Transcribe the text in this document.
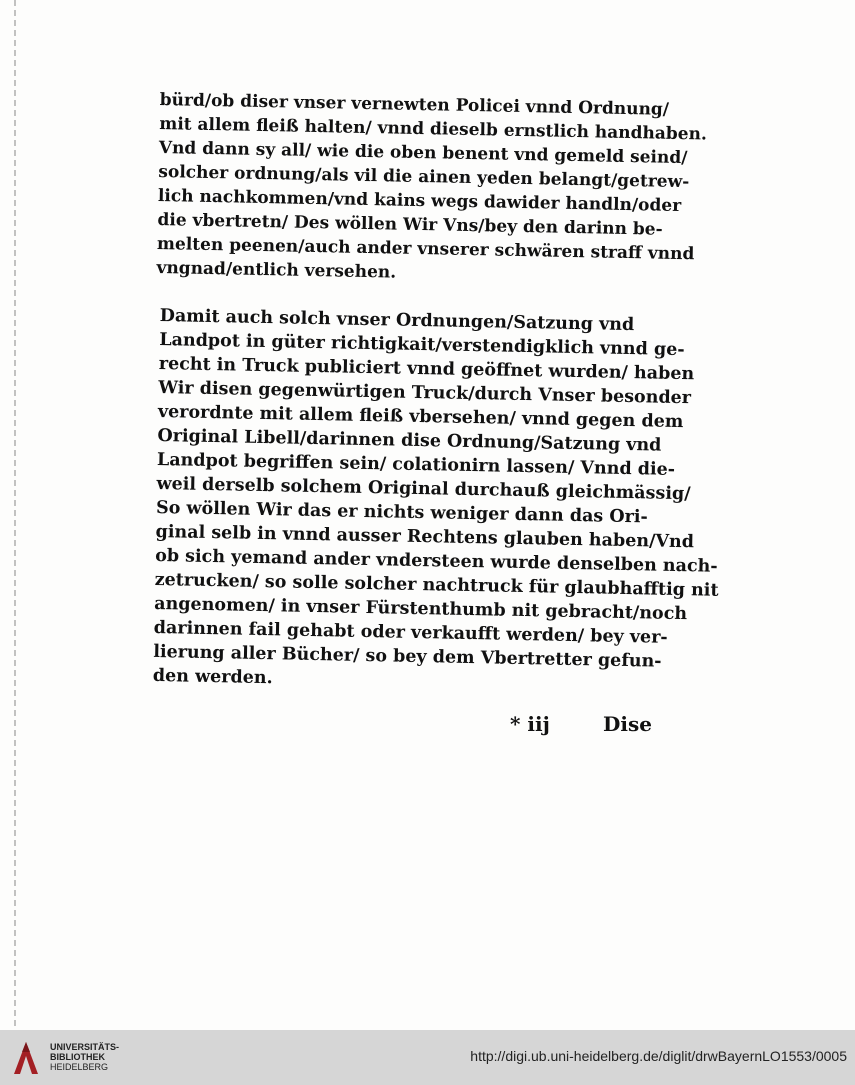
bürd/ob diser vnser vernewten Policei vnnd Ordnung/
mit allem fleiß halten/ vnnd dieselb ernstlich handhaben.
Vnd dann sy all/ wie die oben benent vnd gemeld seind/
solcher ordnung/als vil die ainen yeden belangt/getrew-
lich nachkommen/vnd kains wegs dawider handln/oder
die vbertretn/ Des wöllen Wir Vns/bey den darinn be-
melten peenen/auch ander vnserer schwären straff vnnd
vngnad/entlich versehen.
Damit auch solch vnser Ordnungen/Satzung vnd
Landpot in güter richtigkait/verstendigklich vnnd ge-
recht in Truck publiciert vnnd geöffnet wurden/ haben
Wir disen gegenwürtigen Truck/durch Vnser besonder
verordnte mit allem fleiß vbersehen/ vnnd gegen dem
Original Libell/darinnen dise Ordnung/Satzung vnd
Landpot begriffen sein/ colationirn lassen/ Vnnd die-
weil derselb solchem Original durchauß gleichmässig/
So wöllen Wir das er nichts weniger dann das Ori-
ginal selb in vnnd ausser Rechtens glauben haben/Vnd
ob sich yemand ander vndersteen wurde denselben nach-
zetrucken/ so solle solcher nachtruck für glaubhafftig nit
angenomen/ in vnser Fürstenthumb nit gebracht/noch
darinnen fail gehabt oder verkaufft werden/ bey ver-
lierung aller Bücher/ so bey dem Vbertretter gefun-
den werden.
* iij	Dise
UNIVERSITÄTS-
BIBLIOTHEK
HEIDELBERG
http://digi.ub.uni-heidelberg.de/diglit/drwBayernLO1553/0005
